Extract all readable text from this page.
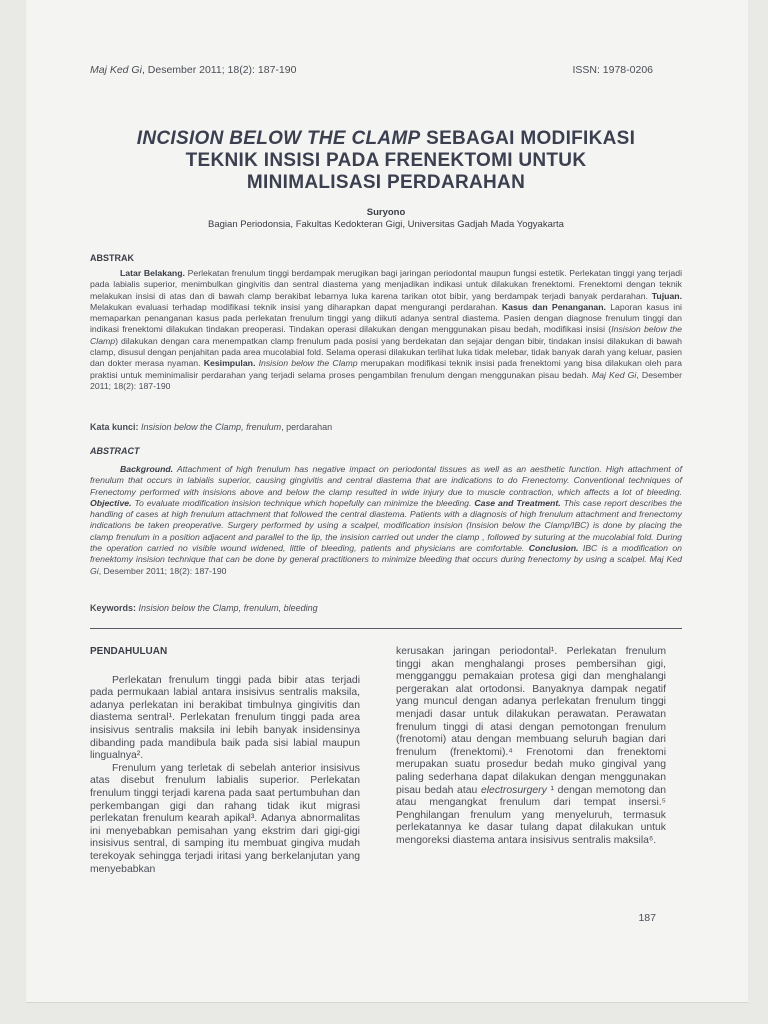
Maj Ked Gi, Desember 2011; 18(2): 187-190	ISSN: 1978-0206
INCISION BELOW THE CLAMP SEBAGAI MODIFIKASI
TEKNIK INSISI PADA FRENEKTOMI UNTUK
MINIMALISASI PERDARAHAN
Suryono
Bagian Periodonsia, Fakultas Kedokteran Gigi, Universitas Gadjah Mada Yogyakarta
ABSTRAK
Latar Belakang. Perlekatan frenulum tinggi berdampak merugikan bagi jaringan periodontal maupun fungsi estetik. Perlekatan tinggi yang terjadi pada labialis superior, menimbulkan gingivitis dan sentral diastema yang menjadikan indikasi untuk dilakukan frenektomi. Frenektomi dengan teknik melakukan insisi di atas dan di bawah clamp berakibat lebarnya luka karena tarikan otot bibir, yang berdampak terjadi banyak perdarahan. Tujuan. Melakukan evaluasi terhadap modifikasi teknik insisi yang diharapkan dapat mengurangi perdarahan. Kasus dan Penanganan. Laporan kasus ini memaparkan penanganan kasus pada perlekatan frenulum tinggi yang diikuti adanya sentral diastema. Pasien dengan diagnose frenulum tinggi dan indikasi frenektomi dilakukan tindakan preoperasi. Tindakan operasi dilakukan dengan menggunakan pisau bedah, modifikasi insisi (Insision below the Clamp) dilakukan dengan cara menempatkan clamp frenulum pada posisi yang berdekatan dan sejajar dengan bibir, tindakan insisi dilakukan di bawah clamp, disusul dengan penjahitan pada area mucolabial fold. Selama operasi dilakukan terlihat luka tidak melebar, tidak banyak darah yang keluar, pasien dan dokter merasa nyaman. Kesimpulan. Insision below the Clamp merupakan modifikasi teknik insisi pada frenektomi yang bisa dilakukan oleh para praktisi untuk meminimalisir perdarahan yang terjadi selama proses pengambilan frenulum dengan menggunakan pisau bedah. Maj Ked Gi, Desember 2011; 18(2): 187-190
Kata kunci: Insision below the Clamp, frenulum, perdarahan
ABSTRACT
Background. Attachment of high frenulum has negative impact on periodontal tissues as well as an aesthetic function. High attachment of frenulum that occurs in labialis superior, causing gingivitis and central diastema that are indications to do Frenectomy. Conventional techniques of Frenectomy performed with insisions above and below the clamp resulted in wide injury due to muscle contraction, which affects a lot of bleeding. Objective. To evaluate modification insision technique which hopefully can minimize the bleeding. Case and Treatment. This case report describes the handling of cases at high frenulum attachment that followed the central diastema. Patients with a diagnosis of high frenulum attachment and frenectomy indications be taken preoperative. Surgery performed by using a scalpel, modification insision (Insision below the Clamp/IBC) is done by placing the clamp frenulum in a position adjacent and parallel to the lip, the insision carried out under the clamp , followed by suturing at the mucolabial fold. During the operation carried no visible wound widened, little of bleeding, patients and physicians are comfortable. Conclusion. IBC is a modification on frenektomy insision technique that can be done by general practitioners to minimize bleeding that occurs during frenectomy by using a scalpel. Maj Ked Gi, Desember 2011; 18(2): 187-190
Keywords: Insision below the Clamp, frenulum, bleeding
PENDAHULUAN

Perlekatan frenulum tinggi pada bibir atas terjadi pada permukaan labial antara insisivus sentralis maksila, adanya perlekatan ini berakibat timbulnya gingivitis dan diastema sentral¹. Perlekatan frenulum tinggi pada area insisivus sentralis maksila ini lebih banyak insidensinya dibanding pada mandibula baik pada sisi labial maupun lingualnya².

Frenulum yang terletak di sebelah anterior insisivus atas disebut frenulum labialis superior. Perlekatan frenulum tinggi terjadi karena pada saat pertumbuhan dan perkembangan gigi dan rahang tidak ikut migrasi perlekatan frenulum kearah apikal³. Adanya abnormalitas ini menyebabkan pemisahan yang ekstrim dari gigi-gigi insisivus sentral, di samping itu membuat gingiva mudah terekoyak sehingga terjadi iritasi yang berkelanjutan yang menyebabkan

kerusakan jaringan periodontal¹. Perlekatan frenulum tinggi akan menghalangi proses pembersihan gigi, mengganggu pemakaian protesa gigi dan menghalangi pergerakan alat ortodonsi. Banyaknya dampak negatif yang muncul dengan adanya perlekatan frenulum tinggi menjadi dasar untuk dilakukan perawatan. Perawatan frenulum tinggi di atasi dengan pemotongan frenulum (frenotomi) atau dengan membuang seluruh bagian dari frenulum (frenektomi).⁴ Frenotomi dan frenektomi merupakan suatu prosedur bedah muko gingival yang paling sederhana dapat dilakukan dengan menggunakan pisau bedah atau electrosurgery ¹ dengan memotong dan atau mengangkat frenulum dari tempat insersi.⁵ Penghilangan frenulum yang menyeluruh, termasuk perlekatannya ke dasar tulang dapat dilakukan untuk mengoreksi diastema antara insisivus sentralis maksila⁶.

187
